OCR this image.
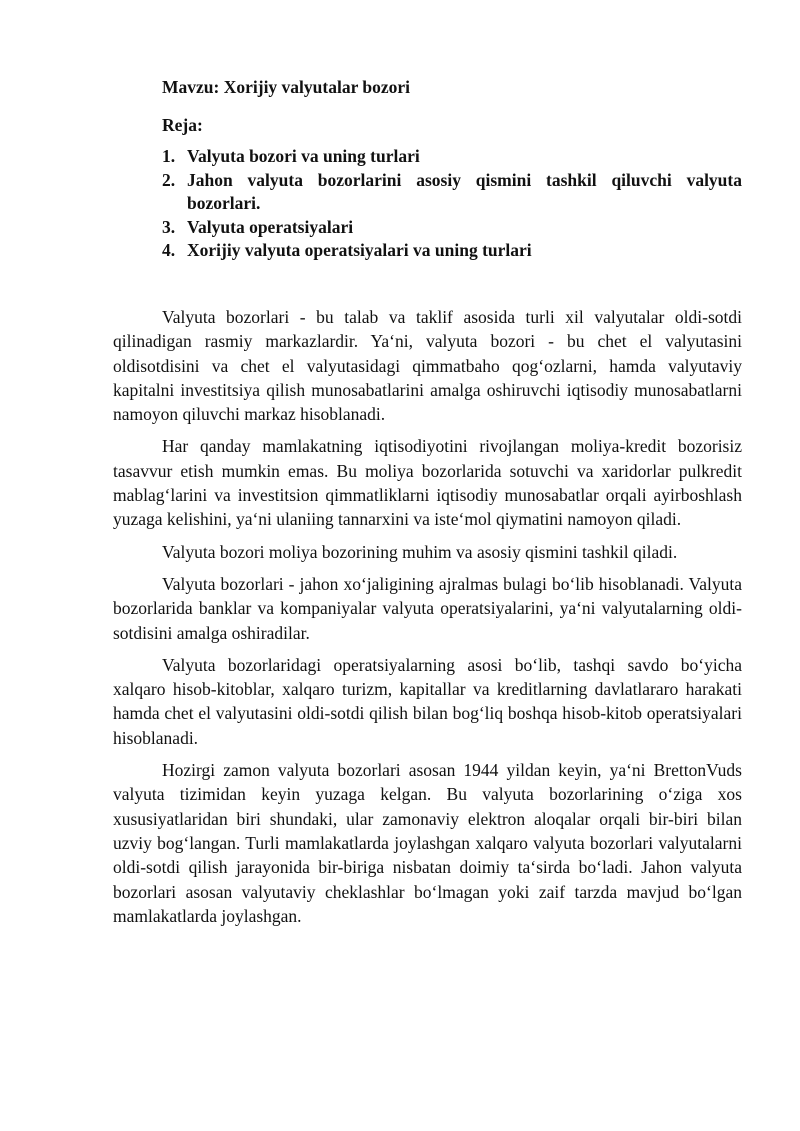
Mavzu: Xorijiy valyutalar bozori

Reja:

1. Valyuta bozori va uning turlari
2. Jahon valyuta bozorlarini asosiy qismini tashkil qiluvchi valyuta bozorlari.
3. Valyuta operatsiyalari
4. Xorijiy valyuta operatsiyalari va uning turlari

Valyuta bozorlari - bu talab va taklif asosida turli xil valyutalar oldi-sotdi qilinadigan rasmiy markazlardir. Ya‘ni, valyuta bozori - bu chet el valyutasini oldisotdisini va chet el valyutasidagi qimmatbaho qog‘ozlarni, hamda valyutaviy kapitalni investitsiya qilish munosabatlarini amalga oshiruvchi iqtisodiy munosabatlarni namoyon qiluvchi markaz hisoblanadi.

Har qanday mamlakatning iqtisodiyotini rivojlangan moliya-kredit bozorisiz tasavvur etish mumkin emas. Bu moliya bozorlarida sotuvchi va xaridorlar pulkredit mablag‘larini va investitsion qimmatliklarni iqtisodiy munosabatlar orqali ayirboshlash yuzaga kelishini, ya‘ni ulaniing tannarxini va iste‘mol qiymatini namoyon qiladi.

Valyuta bozori moliya bozorining muhim va asosiy qismini tashkil qiladi.

Valyuta bozorlari - jahon xo‘jaligining ajralmas bulagi bo‘lib hisoblanadi. Valyuta bozorlarida banklar va kompaniyalar valyuta operatsiyalarini, ya‘ni valyutalarning oldi-sotdisini amalga oshiradilar.

Valyuta bozorlaridagi operatsiyalarning asosi bo‘lib, tashqi savdo bo‘yicha xalqaro hisob-kitoblar, xalqaro turizm, kapitallar va kreditlarning davlatlararo harakati hamda chet el valyutasini oldi-sotdi qilish bilan bog‘liq boshqa hisob-kitob operatsiyalari hisoblanadi.

Hozirgi zamon valyuta bozorlari asosan 1944 yildan keyin, ya‘ni BrettonVuds valyuta tizimidan keyin yuzaga kelgan. Bu valyuta bozorlarining o‘ziga xos xususiyatlaridan biri shundaki, ular zamonaviy elektron aloqalar orqali bir-biri bilan uzviy bog‘langan. Turli mamlakatlarda joylashgan xalqaro valyuta bozorlari valyutalarni oldi-sotdi qilish jarayonida bir-biriga nisbatan doimiy ta‘sirda bo‘ladi. Jahon valyuta bozorlari asosan valyutaviy cheklashlar bo‘lmagan yoki zaif tarzda mavjud bo‘lgan mamlakatlarda joylashgan.
